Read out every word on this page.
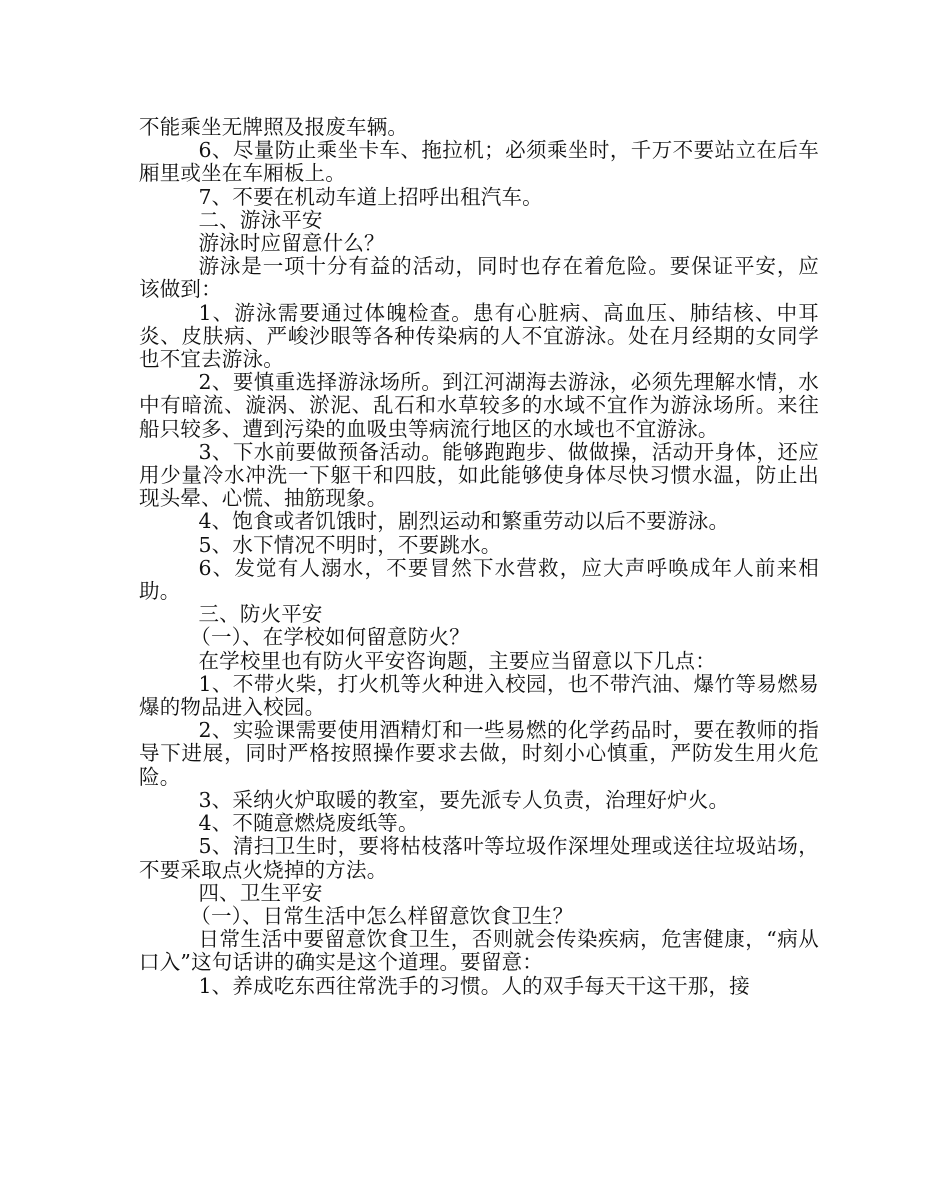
不能乘坐无牌照及报废车辆。

6、尽量防止乘坐卡车、拖拉机；必须乘坐时，千万不要站立在后车厢里或坐在车厢板上。

7、不要在机动车道上招呼出租汽车。

二、游泳平安

游泳时应留意什么？

游泳是一项十分有益的活动，同时也存在着危险。要保证平安，应该做到：

1、游泳需要通过体魄检查。患有心脏病、高血压、肺结核、中耳炎、皮肤病、严峻沙眼等各种传染病的人不宜游泳。处在月经期的女同学也不宜去游泳。

2、要慎重选择游泳场所。到江河湖海去游泳，必须先理解水情，水中有暗流、漩涡、淤泥、乱石和水草较多的水域不宜作为游泳场所。来往船只较多、遭到污染的血吸虫等病流行地区的水域也不宜游泳。

3、下水前要做预备活动。能够跑跑步、做做操，活动开身体，还应用少量冷水冲洗一下躯干和四肢，如此能够使身体尽快习惯水温，防止出现头晕、心慌、抽筋现象。

4、饱食或者饥饿时，剧烈运动和繁重劳动以后不要游泳。

5、水下情况不明时，不要跳水。

6、发觉有人溺水，不要冒然下水营救，应大声呼唤成年人前来相助。

三、防火平安

（一）、在学校如何留意防火？

在学校里也有防火平安咨询题，主要应当留意以下几点：

1、不带火柴，打火机等火种进入校园，也不带汽油、爆竹等易燃易爆的物品进入校园。

2、实验课需要使用酒精灯和一些易燃的化学药品时，要在教师的指导下进展，同时严格按照操作要求去做，时刻小心慎重，严防发生用火危险。

3、采纳火炉取暖的教室，要先派专人负责，治理好炉火。

4、不随意燃烧废纸等。

5、清扫卫生时，要将枯枝落叶等垃圾作深埋处理或送往垃圾站场，不要采取点火烧掉的方法。

四、卫生平安

（一）、日常生活中怎么样留意饮食卫生？

日常生活中要留意饮食卫生，否则就会传染疾病，危害健康，“病从口入”这句话讲的确实是这个道理。要留意：

1、养成吃东西往常洗手的习惯。人的双手每天干这干那，接
